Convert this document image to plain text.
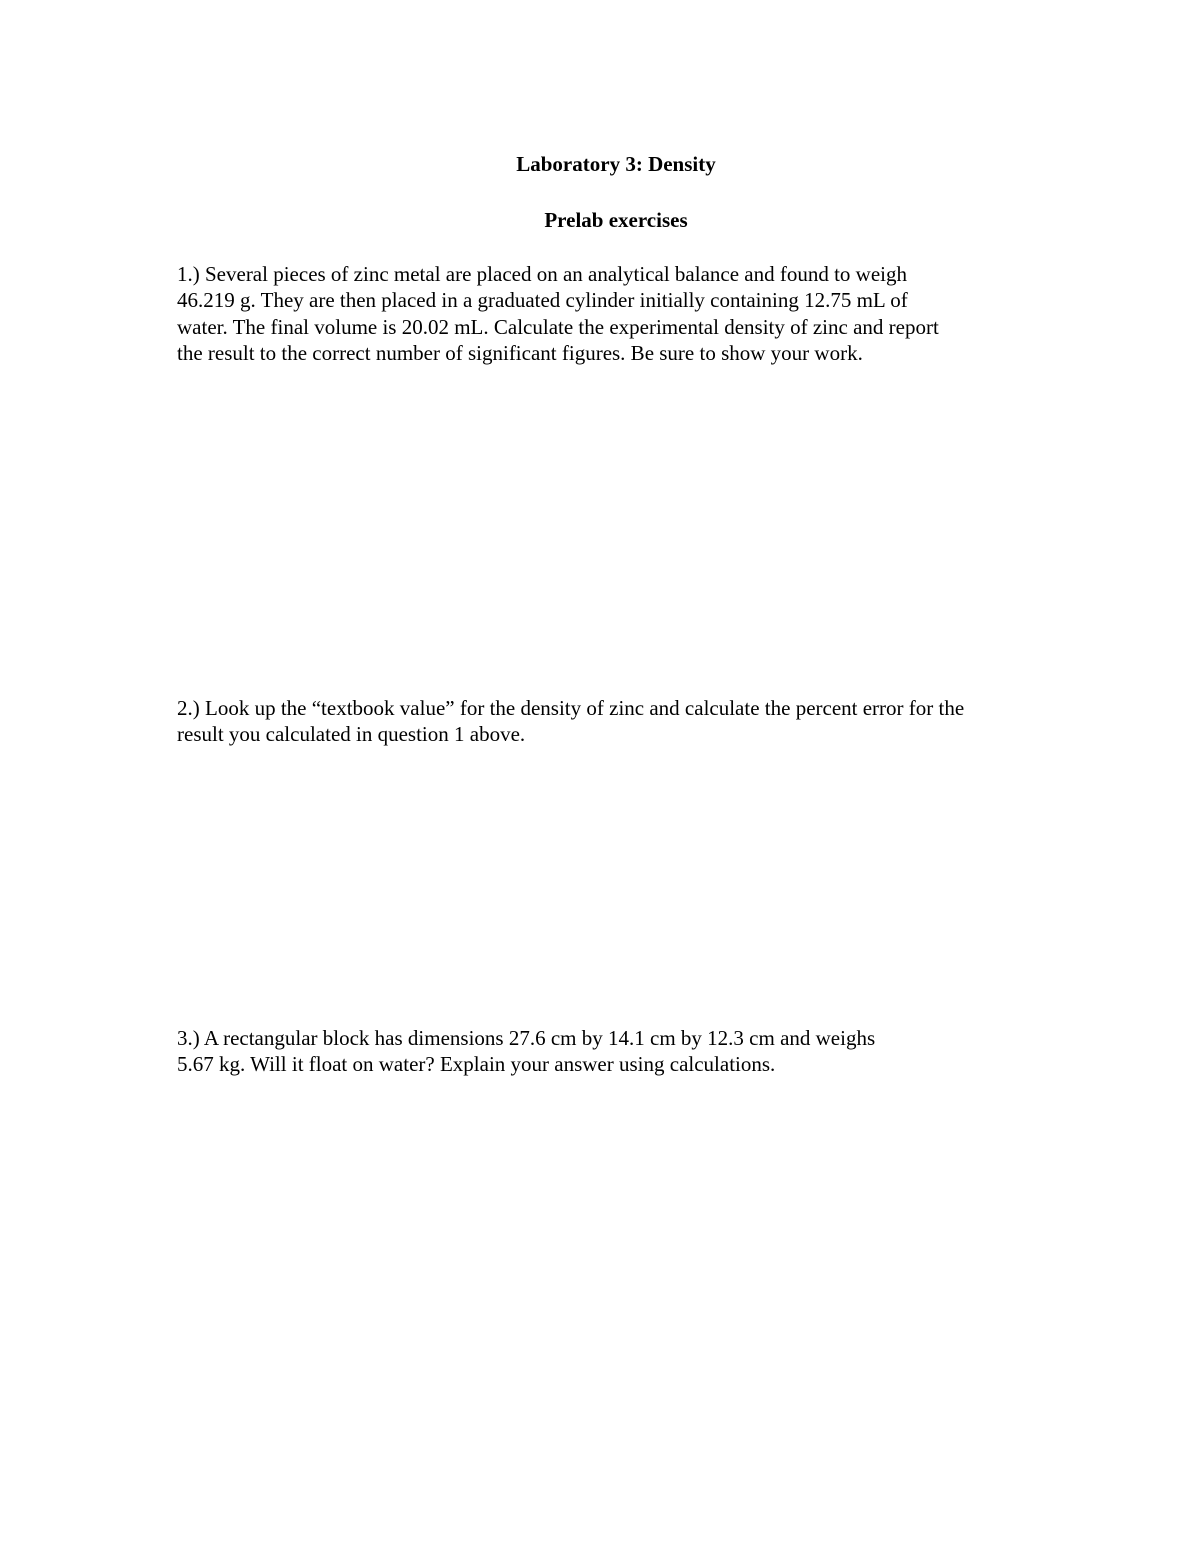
Laboratory 3: Density
Prelab exercises
1.) Several pieces of zinc metal are placed on an analytical balance and found to weigh
46.219 g. They are then placed in a graduated cylinder initially containing 12.75 mL of
water. The final volume is 20.02 mL. Calculate the experimental density of zinc and report
the result to the correct number of significant figures. Be sure to show your work.
2.) Look up the “textbook value” for the density of zinc and calculate the percent error for the
result you calculated in question 1 above.
3.) A rectangular block has dimensions 27.6 cm by 14.1 cm by 12.3 cm and weighs
5.67 kg. Will it float on water? Explain your answer using calculations.
